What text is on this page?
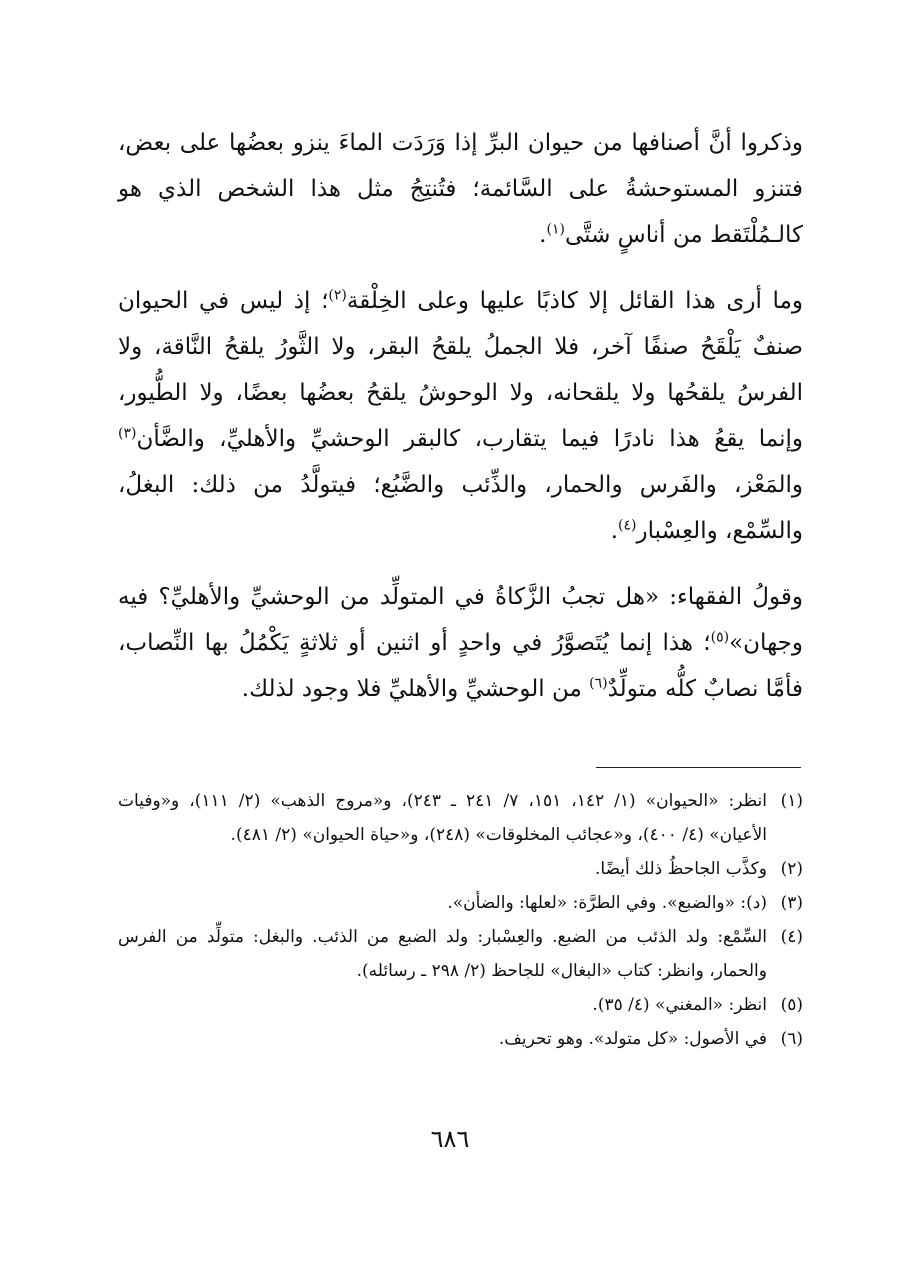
وذكروا أنَّ أصنافها من حيوان البرِّ إذا وَرَدَت الماءَ ينزو بعضُها على بعض، فتنزو المستوحشةُ على السَّائمة؛ فتُنتِجُ مثل هذا الشخص الذي هو كالـمُلْتَقط من أناسٍ شتَّى$^{(١)}$.

وما أرى هذا القائل إلا كاذبًا عليها وعلى الخِلْقة$^{(٢)}$؛ إذ ليس في الحيوان صنفٌ يَلْقَحُ صنفًا آخر، فلا الجملُ يلقحُ البقر، ولا الثَّورُ يلقحُ النَّاقة، ولا الفرسُ يلقحُها ولا يلقحانه، ولا الوحوشُ يلقحُ بعضُها بعضًا، ولا الطُّيور، وإنما يقعُ هذا نادرًا فيما يتقارب، كالبقر الوحشيِّ والأهليِّ، والضَّأن$^{(٣)}$ والمَعْز، والفَرس والحمار، والذِّئب والضَّبُع؛ فيتولَّدُ من ذلك: البغلُ، والسِّمْع، والعِسْبار$^{(٤)}$.

وقولُ الفقهاء: «هل تجبُ الزَّكاةُ في المتولِّد من الوحشيِّ والأهليِّ؟ فيه وجهان»$^{(٥)}$؛ هذا إنما يُتَصوَّرُ في واحدٍ أو اثنين أو ثلاثةٍ يَكْمُلُ بها النِّصاب، فأمَّا نصابٌ كلُّه متولِّدٌ$^{(٦)}$ من الوحشيِّ والأهليِّ فلا وجود لذلك.

(١)
انظر: «الحيوان» (١/ ١٤٢، ١٥١، ٧/ ٢٤١ ـ ٢٤٣)، و«مروج الذهب» (٢/ ١١١)، و«وفيات الأعيان» (٤/ ٤٠٠)، و«عجائب المخلوقات» (٢٤٨)، و«حياة الحيوان» (٢/ ٤٨١).
(٢)
وكذَّب الجاحظُ ذلك أيضًا.
(٣)
(د): «والضبع». وفي الطرَّة: «لعلها: والضأن».
(٤)
السِّمْع: ولد الذئب من الضبع. والعِسْبار: ولد الضبع من الذئب. والبغل: متولِّد من الفرس والحمار، وانظر: كتاب «البغال» للجاحظ (٢/ ٢٩٨ ـ رسائله).
(٥)
انظر: «المغني» (٤/ ٣٥).
(٦)
في الأصول: «كل متولد». وهو تحريف.
٦٨٦
